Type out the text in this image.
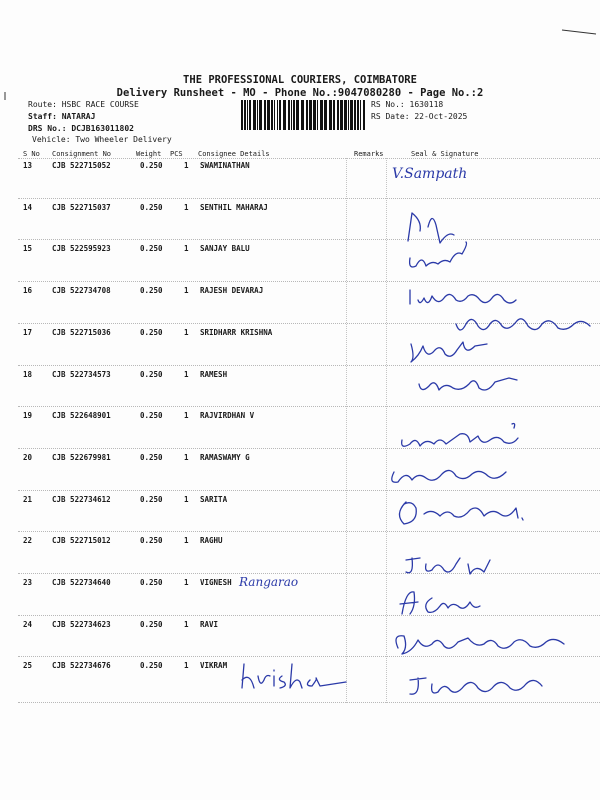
THE PROFESSIONAL COURIERS, COIMBATORE
Delivery Runsheet - MO - Phone No.:9047080280 - Page No.:2
Route: HSBC RACE COURSE
Staff: NATARAJ
DRS No.: DCJB163011802
Vehicle: Two Wheeler Delivery
RS No.: 1630118
RS Date: 22-Oct-2025
S No Consignment No	Weight PCS Consignee Details	Remarks	Seal & Signature
13	CJB 522715052	0.250	1 SWAMINATHAN
14	CJB 522715037	0.250	1 SENTHIL MAHARAJ
15	CJB 522595923	0.250	1 SANJAY BALU
16	CJB 522734708	0.250	1 RAJESH DEVARAJ
17	CJB 522715036	0.250	1 SRIDHARR KRISHNA
18	CJB 522734573	0.250	1 RAMESH
19	CJB 522648901	0.250	1 RAJVIRDHAN V
20	CJB 522679981	0.250	1 RAMASWAMY G
21	CJB 522734612	0.250	1 SARITA
22	CJB 522715012	0.250	1 RAGHU
23	CJB 522734640	0.250	1 VIGNESH
24	CJB 522734623	0.250	1 RAVI
25	CJB 522734676	0.250	1 VIKRAM
V.Sampath
Rangarao
